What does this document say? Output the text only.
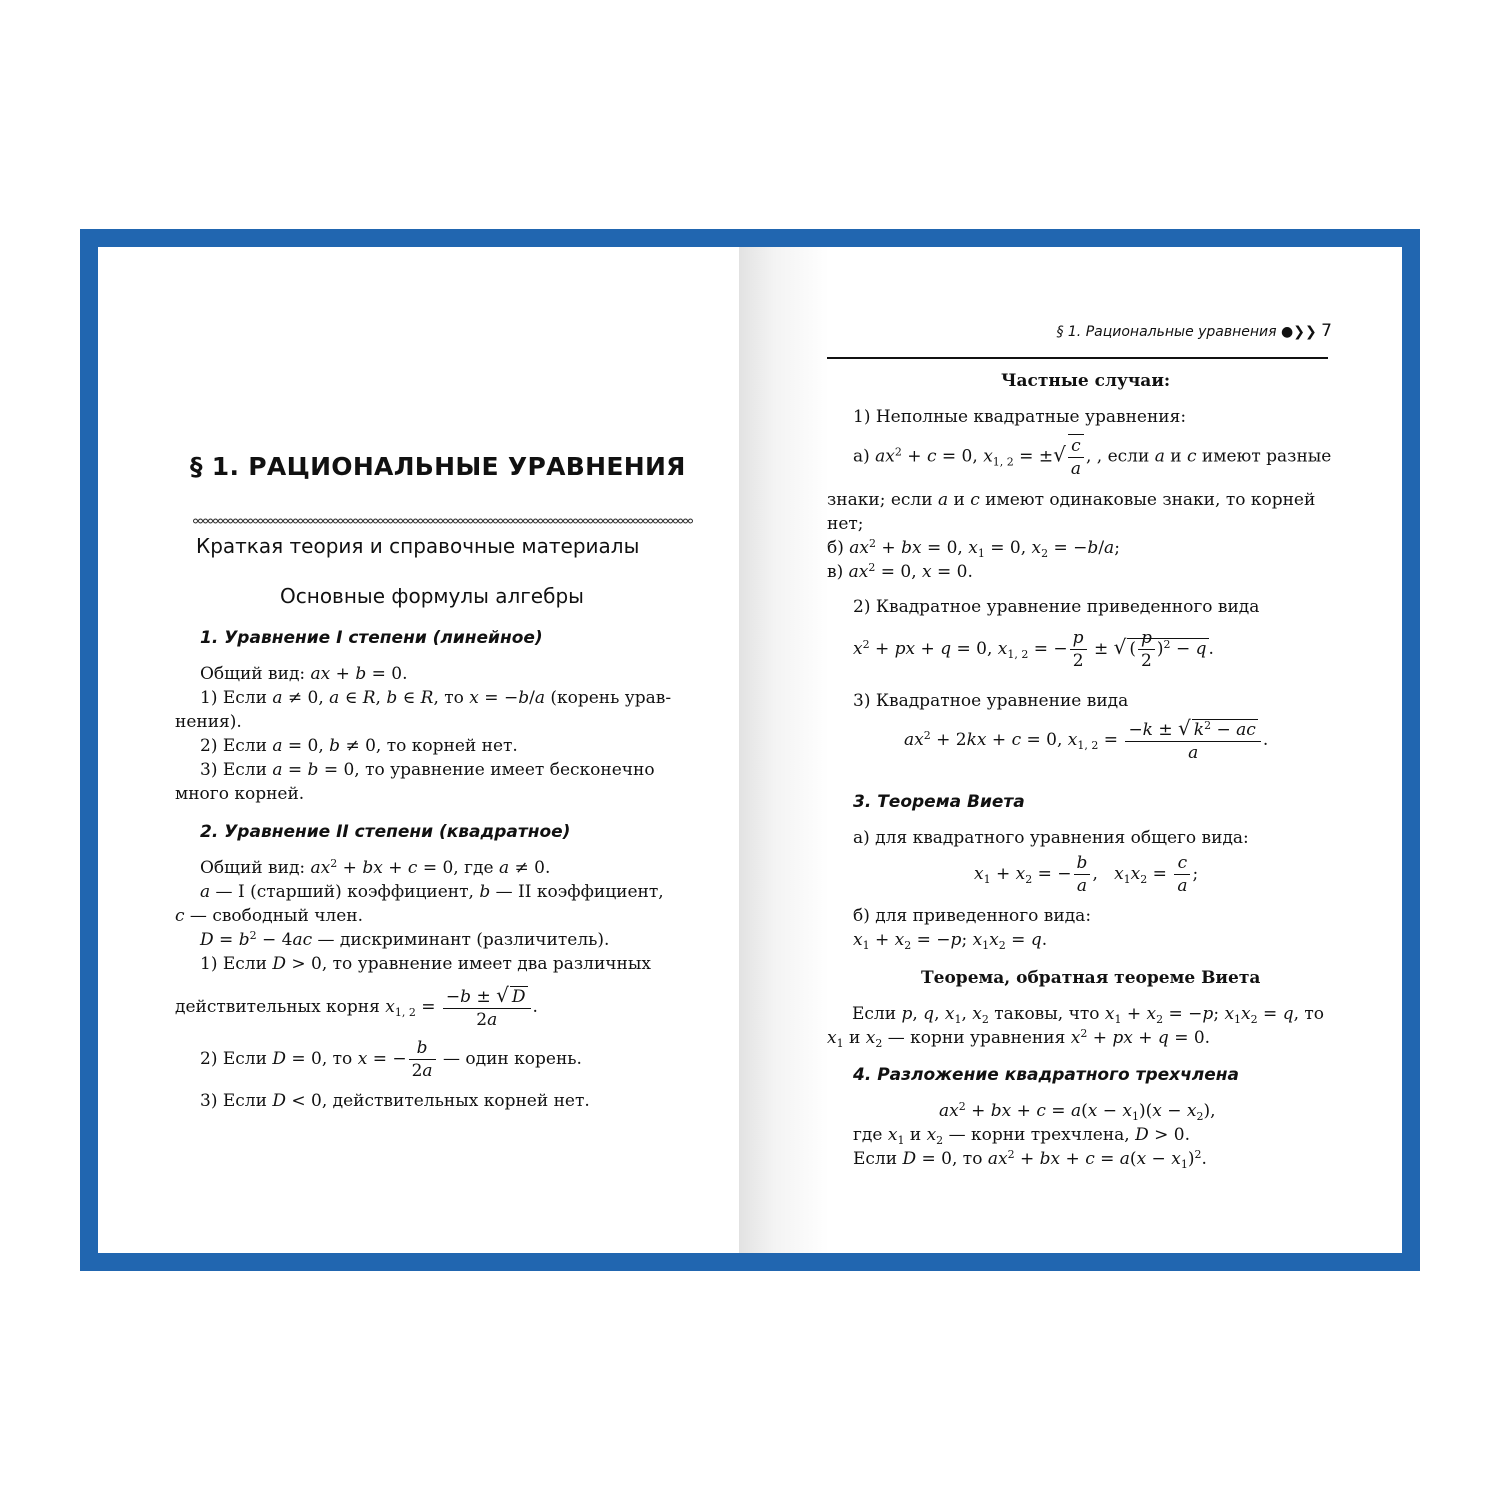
§ 1. РАЦИОНАЛЬНЫЕ УРАВНЕНИЯ
Краткая теория и справочные материалы
Основные формулы алгебры
1. Уравнение I степени (линейное)
Общий вид: ax + b = 0.
1) Если a ≠ 0, a ∈ R, b ∈ R, то x = −b/a (корень урав-
нения).
2) Если a = 0, b ≠ 0, то корней нет.
3) Если a = b = 0, то уравнение имеет бесконечно
много корней.
2. Уравнение II степени (квадратное)
Общий вид: $ax^2$ + bx + c = 0, где a ≠ 0.
a — I (старший) коэффициент, b — II коэффициент,
c — свободный член.
$D = b^2 - 4ac$ — дискриминант (различитель).
1) Если D > 0, то уравнение имеет два различных
действительных корня $x_{1, 2} = \frac{-b \pm √ D}{2a}$ .
2) Если D = 0, то x = − $\frac{b}{2a}$ — один корень.
3) Если D < 0, действительных корней нет.
§ 1. Рациональные уравнения ●❯❯ 7
Частные случаи:
1) Неполные квадратные уравнения:
а) $ax^2 + c = 0$, $x_{1, 2}$ = ±√ $\frac{c}{a}$ , , если a и c имеют разные
знаки; если a и c имеют одинаковые знаки, то корней
нет;
б) $ax^2$ + bx = 0, $x_1 = 0$, $x_2 = -b/a$;
в) $ax^2 = 0$, x = 0.
2) Квадратное уравнение приведенного вида
$x^2$ + px + q = 0, $x_{1, 2}$ = − $\frac{p}{2}$ ± √ ( $\frac{p}{2} )^2 - q$ .
3) Квадратное уравнение вида
$ax^2 + 2kx + c = 0$, $x_{1, 2} = \frac{-k \pm √ k^2 - ac}{a}$ .
3. Теорема Виета
а) для квадратного уравнения общего вида:
$x_1 + x_2$ = − $\frac{b}{a}$ ,   $x_1x_2 = \frac{c}{a}$ ;
б) для приведенного вида:
$x_1 + x_2 = -p$; $x_1x_2 = q$.
Теорема, обратная теореме Виета
Если p, q, $x_1$, $x_2$ таковы, что $x_1 + x_2 = -p$; $x_1x_2 = q$, то
$x_1$ и $x_2$ — корни уравнения $x^2$ + px + q = 0.
4. Разложение квадратного трехчлена
$ax^2$ + bx + $c = a(x - x_1)(x - x_2)$,
где $x_1$ и $x_2$ — корни трехчлена, D > 0.
Если D = 0, то $ax^2$ + bx + $c = a(x - x_1)^2$.
